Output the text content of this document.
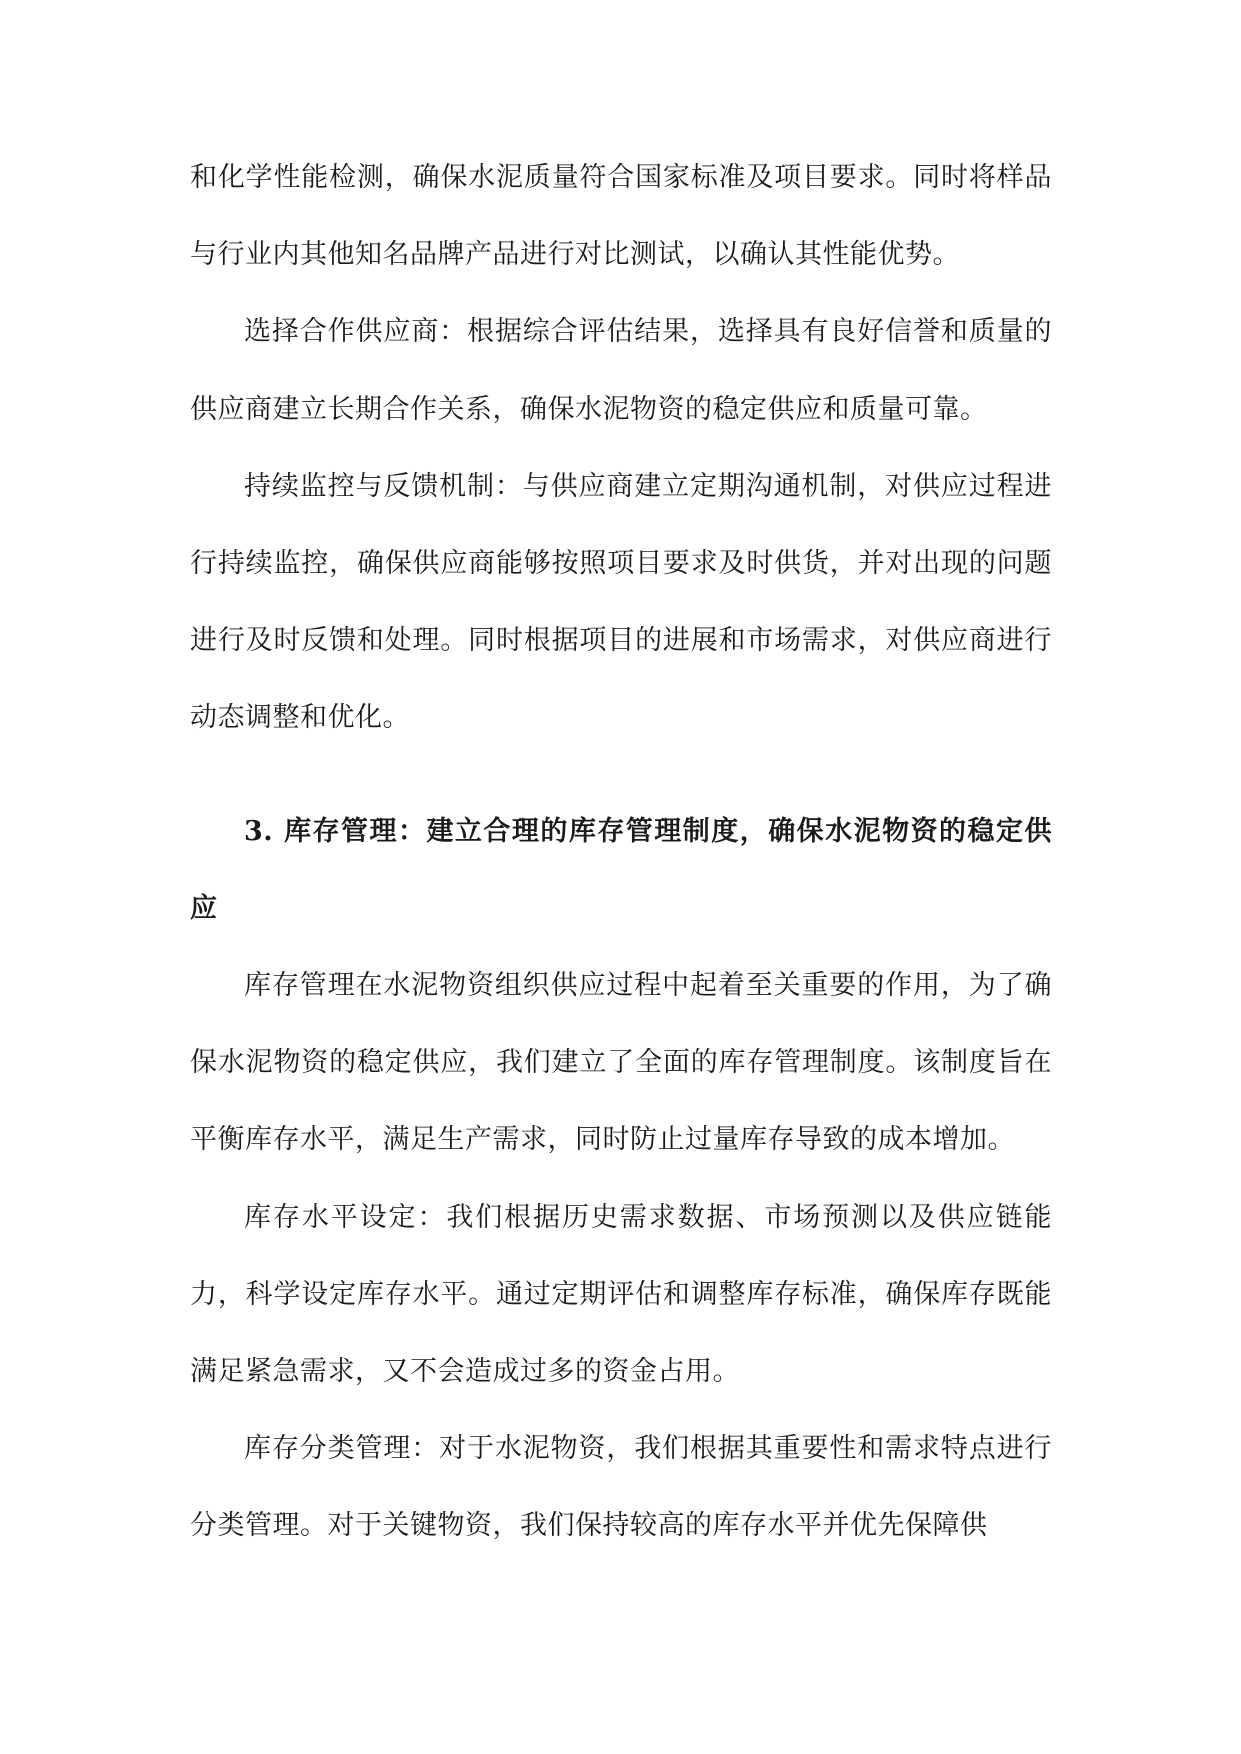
和化学性能检测，确保水泥质量符合国家标准及项目要求。同时将样品与行业内其他知名品牌产品进行对比测试，以确认其性能优势。

选择合作供应商：根据综合评估结果，选择具有良好信誉和质量的供应商建立长期合作关系，确保水泥物资的稳定供应和质量可靠。

持续监控与反馈机制：与供应商建立定期沟通机制，对供应过程进行持续监控，确保供应商能够按照项目要求及时供货，并对出现的问题进行及时反馈和处理。同时根据项目的进展和市场需求，对供应商进行动态调整和优化。

3. 库存管理：建立合理的库存管理制度，确保水泥物资的稳定供应

库存管理在水泥物资组织供应过程中起着至关重要的作用，为了确保水泥物资的稳定供应，我们建立了全面的库存管理制度。该制度旨在平衡库存水平，满足生产需求，同时防止过量库存导致的成本增加。

库存水平设定：我们根据历史需求数据、市场预测以及供应链能力，科学设定库存水平。通过定期评估和调整库存标准，确保库存既能满足紧急需求，又不会造成过多的资金占用。

库存分类管理：对于水泥物资，我们根据其重要性和需求特点进行分类管理。对于关键物资，我们保持较高的库存水平并优先保障供
